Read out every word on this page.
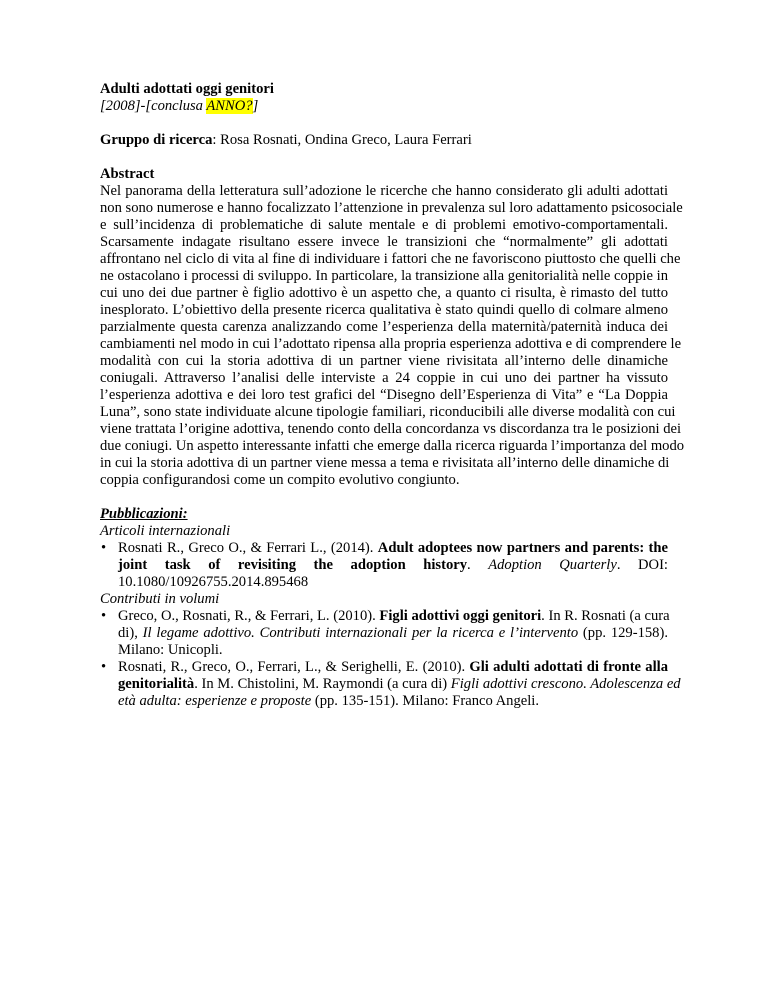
Adulti adottati oggi genitori
[2008]-[conclusa ANNO?]
Gruppo di ricerca: Rosa Rosnati, Ondina Greco, Laura Ferrari
Abstract
Nel panorama della letteratura sull’adozione le ricerche che hanno considerato gli adulti adottati
non sono numerose e hanno focalizzato l’attenzione in prevalenza sul loro adattamento psicosociale
e sull’incidenza di problematiche di salute mentale e di problemi emotivo-comportamentali.
Scarsamente indagate risultano essere invece le transizioni che “normalmente” gli adottati
affrontano nel ciclo di vita al fine di individuare i fattori che ne favoriscono piuttosto che quelli che
ne ostacolano i processi di sviluppo. In particolare, la transizione alla genitorialità nelle coppie in
cui uno dei due partner è figlio adottivo è un aspetto che, a quanto ci risulta, è rimasto del tutto
inesplorato. L’obiettivo della presente ricerca qualitativa è stato quindi quello di colmare almeno
parzialmente questa carenza analizzando come l’esperienza della maternità/paternità induca dei
cambiamenti nel modo in cui l’adottato ripensa alla propria esperienza adottiva e di comprendere le
modalità con cui la storia adottiva di un partner viene rivisitata all’interno delle dinamiche
coniugali. Attraverso l’analisi delle interviste a 24 coppie in cui uno dei partner ha vissuto
l’esperienza adottiva e dei loro test grafici del “Disegno dell’Esperienza di Vita” e “La Doppia
Luna”, sono state individuate alcune tipologie familiari, riconducibili alle diverse modalità con cui
viene trattata l’origine adottiva, tenendo conto della concordanza vs discordanza tra le posizioni dei
due coniugi. Un aspetto interessante infatti che emerge dalla ricerca riguarda l’importanza del modo
in cui la storia adottiva di un partner viene messa a tema e rivisitata all’interno delle dinamiche di
coppia configurandosi come un compito evolutivo congiunto.
Pubblicazioni:
Articoli internazionali
• Rosnati R., Greco O., & Ferrari L., (2014). Adult adoptees now partners and parents: the
joint task of revisiting the adoption history. Adoption Quarterly. DOI:
10.1080/10926755.2014.895468
Contributi in volumi
• Greco, O., Rosnati, R., & Ferrari, L. (2010). Figli adottivi oggi genitori. In R. Rosnati (a cura
di), Il legame adottivo. Contributi internazionali per la ricerca e l’intervento (pp. 129-158).
Milano: Unicopli.
• Rosnati, R., Greco, O., Ferrari, L., & Serighelli, E. (2010). Gli adulti adottati di fronte alla
genitorialità. In M. Chistolini, M. Raymondi (a cura di) Figli adottivi crescono. Adolescenza ed
età adulta: esperienze e proposte (pp. 135-151). Milano: Franco Angeli.
